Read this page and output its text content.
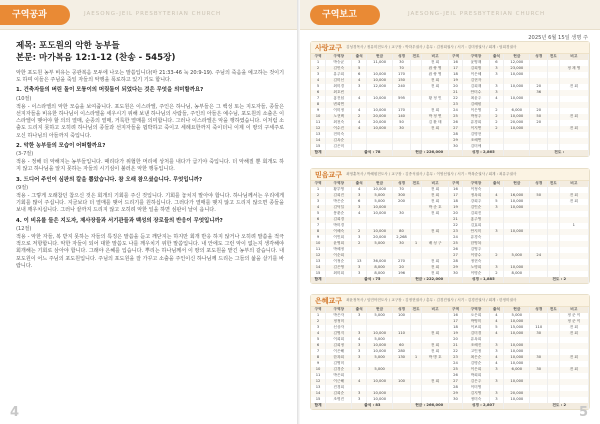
구역공과	JAESONG-JEIL PRESBYTERIAN CHURCH
제목: 포도원의 악한 농부들
본문: 마가복음 12:1-12 (찬송 - 545장)

악한 포도원 농부 비유는 공관복음 모두에 나오는 말씀입니다(마 21:33-46 눅 20:9-19). 주님의 죽음을 예고하는 것이기도 하며 이들은 주님을 죽일 자들의 악행을 폭로하고 있기 기도 합니다.

1. 건축자들의 버린 돌이 모퉁이의 머릿돌이 되었다는 것은 무엇을 의미할까요?
(10절)

적용 - 이스라엘의 악한 모습을 보여줍니다. 포도원은 이스라엘, 주인은 하나님, 농부들은 그 백성 또는 지도자들, 종들은 선지자들을 비유한 하나님이 이스라엘을 세우시기 위해 보낸 하나님의 사람들, 주인의 아들은 예수님, 포도원의 소출은 이스라엘이 맺어야 할 의의 열매, 순종의 열매, 거룩한 열매를 의미합니다. 그러나 이스라엘은 악을 행하였습니다. 이처럼 소출도 드리지 못하고 오히려 하나님의 종들과 선지자들을 핍박하고 죽이고 세례요한까지 죽이더니 이제 이 땅의 구세주로 오신 하나님의 아들까지 죽입니다.

2. 악한 농부들의 모습이 어떠할까요?
(3-7절)

적용 - 정해 더 악해지는 농부들입니다. 때리다가 위협한 머리에 상처를 내다가 급기야 죽입니다. 더 악해질 뿐 회개도 하지 않고 하나님을 알지 못하는 자들의 시기심이 불러온 악한 행동입니다.

3. 드디어 주인이 심판의 칼을 뽑았습니다. 참 오래 참으셨습니다. 무엇입니까?
(9절)

적용 - 그렇게 오래참던 참으신 것은 회개의 기회를 주신 것입니다. 기회를 놓치지 말아야 합니다. 하나님께서는 우리에게 기회를 많이 주십니다. 지금보다 더 열매를 맺어 드리기를 원하십니다. 그러다가 열매를 맺지 않고 드리지 않으면 종들을 보내 깨우치십니다. 그러나 끝까지 드리지 않고 오히려 악한 일을 하면 심판이 날이 옵니다.

4. 이 비유를 들은 지도자, 제사장들과 서기관들과 백성의 장로들의 반응이 무엇입니까?
(12절)

적용 - 악한 자들, 복 받지 못하는 자들의 특징은 말씀을 듣고 깨닫지는 하지만 회개 반응 하지 않거나 오히려 말씀을 적극적으로 저항합니다. 악한 자들이 되어 대한 말씀도 나를 깨우치기 위한 말씀입니다. 내 안에도 그런 악이 없는지 생각해야 회개해는 기회로 삼아야 합니다. 그래야 은혜를 입습니다. 뿌리는 하나님께서 이 땅의 포도원을 맡긴 농부의 같습니다. 내 포도원이 어느 주님의 포도원입니다. 주님의 포도원을 잘 가꾸고 소출을 주인이신 하나님께 드리는 그들의 삶을 살기를 바랍니다.

4
구역보고	JAESONG-JEIL PRESBYTERIAN CHURCH
2025년 6월 15일 생명 주
사랑교구 김성경목사 / 정유미전도사 / 교구장 : 박하우권사 / 총무 : 김정희권사 / 서기 : 김미정권사 / 회계 : 엄희경권사
구역	구역장	출석	헌금	성경	전도	비고	구역	구역장	출석	헌금	성경	전도	비고
1	박승균	3	11,000	30		전 회	16	윤영재	6	12,000			
2	김민숙	5		70		잡 쌍 영	17	김희범	3	23,000			정 재 영
3	유주희	6	10,000	170		잡 쌍 영	18	이은혜	3	10,000			
4	김미선	4	10,000	150		전 회	19	김현자					
5	최미경	3	12,000	240		전 회	20	김희재	3	10,000	20		전 회
6	최호빈						21	안미수	3		36		
7	홍진섭	4	10,000	595		황 정 인	22	최윤주	4	10,000			
8	변희연						23	김혜원					
9	이미정	4	10,000	170		전 회	24	이은영	2	6,000	20		
10	노현택	2	20,000	140		박 정 연	25	박정주	2	10,000	50		전 회
11	최천숙	4	20,000	50		김 환 태	26	유경희	2	20,000	20		
12	이수진	4	10,000	30		전 회	27	이지연	2	10,000			전 회
13	전미숙						28	김명현					
14	김옥순						29	조혜연					
15	김은미						30	김미애					
합계		출석 : 78			헌금 : 226,000			성경 : 2,865			전도 :		
믿음교구 최영훈목사 / 박혜원전도사 / 교구장 : 김종석권사 / 총무 : 이영선권사 / 서기 : 박복순권사 / 회계 : 최유주권사
구역	구역장	출석	헌금	성경	전도	비고	구역	구역장	출석	헌금	성경	전도	비고
1	황부영	4	10,000	70		전 회	16	이정숙					
2	김희진	3	5,000	300		전 회	17	정옥희	4	16,000	50		전 회
3	박은순	6	5,000	200		전 회	18	강희주	5	10,000			전 회
4	김덕일	3	10,000			박 준 호	19	김인순	3	10,000			
5	봉춘순	4	10,000	30		전 회	20	김희진					
6	김희경						21	홍주영					
7	박미경						22	김효희					1
8	이혜숙	2	10,000	80		전 회	23	안지미	3	10,000			
9	이인희	3	20,000	2,268			24	유경숙					
10	윤영희	2	5,000	30	1	배 성 구	25	한영복					
11	박혜정						26	김영주					
12	이순희						27	이향수	2	5,000	24		
13	이정순	13	36,000	270		전 회	28	정현숙					
14	김은영	3	8,000	20		전 회	29	노명희	3	10,000			
15	최미희	3	8,000	196		전 회	30	이명순	2	8,000			
합계		출석 : 75			헌금 : 222,000			성경 : 1,885			전도 : 2		
은혜교구 최윤정목사 / 임민아전도사 / 교구장 : 김정현권사 / 총무 : 김경진권사 / 서기 : 김경진권사 / 회계 : 한정미권사
구역	구역장	출석	헌금	성경	전도	비고	구역	구역장	출석	헌금	성경	전도	비고
1	박은자	3	5,000	100			16	오은희	4	5,000			정 준 이
2	정정미						17	박영미	4	10,000			정 준 이
3	신상자						18	이보희	5	15,000	110		전 회
4	김영지	3	10,000	110		전 회	19	김미경	4	10,000	30		전 회
5	이희희	4	5,000				20	유옥희					
6	김희정	3	10,000	60		전 회	21	조혜진	3	10,000			
7	이은해	3	10,000	280		전 회	22	고인정	3	10,000			
8	한복희	3	5,000	130	1	박 병 호	23	최은순	4	10,000	30		전 회
9	김영미						24	김명순	4	10,000			
10	김경순	3	5,000				25	이은희	3	6,000	30		전 회
11	박은희						26	박희희					
12	이근해	4	10,000	100		전 회	27	김은주	3	10,000			
13	진경희						28	이미영					
14	김희순	3	10,000				29	김지영	3	20,000			
15	조명진	3	10,000				30	정미숙	3	10,000			
합계		출석 : 83			헌금 : 266,000			성경 : 2,807			전도 : 2		5
